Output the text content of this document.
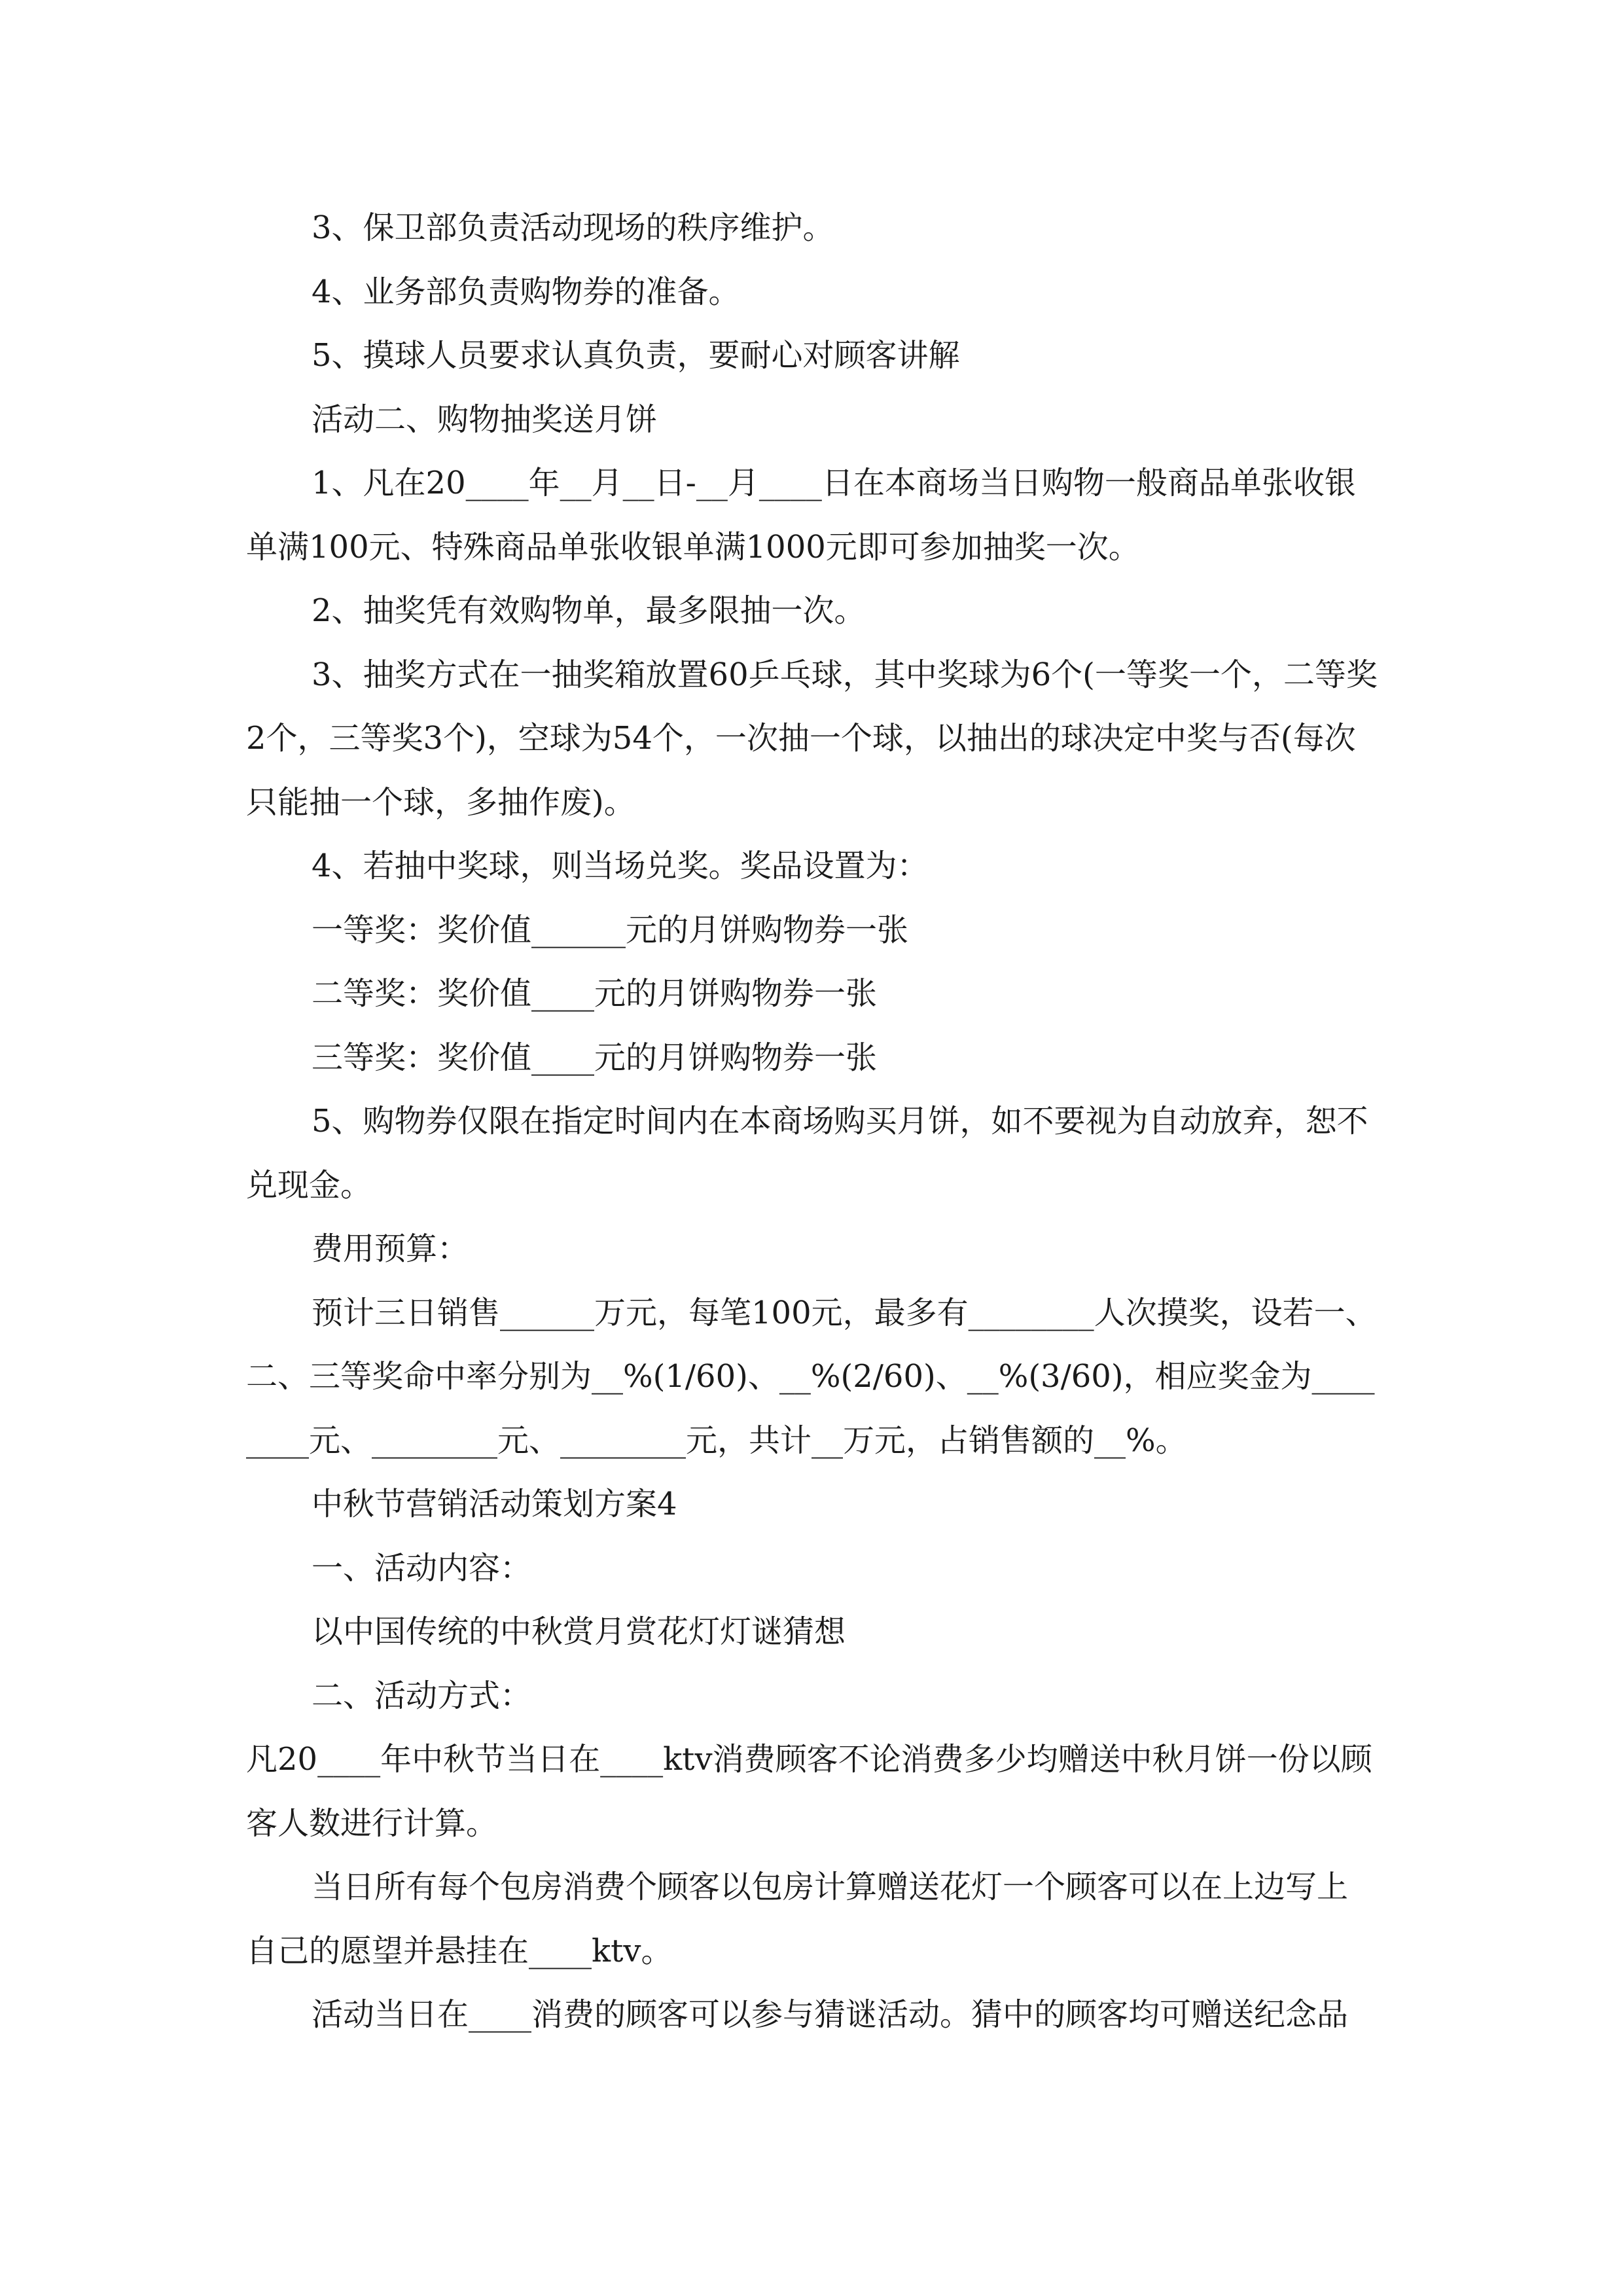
3、保卫部负责活动现场的秩序维护。

4、业务部负责购物券的准备。

5、摸球人员要求认真负责，要耐心对顾客讲解

活动二、购物抽奖送月饼

1、凡在20____年__月__日-__月____日在本商场当日购物一般商品单张收银单满100元、特殊商品单张收银单满1000元即可参加抽奖一次。

2、抽奖凭有效购物单，最多限抽一次。

3、抽奖方式在一抽奖箱放置60乒乓球，其中奖球为6个(一等奖一个，二等奖2个，三等奖3个)，空球为54个，一次抽一个球，以抽出的球决定中奖与否(每次只能抽一个球，多抽作废)。

4、若抽中奖球，则当场兑奖。奖品设置为：

一等奖：奖价值______元的月饼购物券一张

二等奖：奖价值____元的月饼购物券一张

三等奖：奖价值____元的月饼购物券一张

5、购物券仅限在指定时间内在本商场购买月饼，如不要视为自动放弃，恕不兑现金。

费用预算：

预计三日销售______万元，每笔100元，最多有________人次摸奖，设若一、二、三等奖命中率分别为__%(1/60)、__%(2/60)、__%(3/60)，相应奖金为________元、________元、________元，共计__万元，占销售额的__%。

中秋节营销活动策划方案4

一、活动内容：

以中国传统的中秋赏月赏花灯灯谜猜想

二、活动方式：

凡20____年中秋节当日在____ktv消费顾客不论消费多少均赠送中秋月饼一份以顾客人数进行计算。

当日所有每个包房消费个顾客以包房计算赠送花灯一个顾客可以在上边写上自己的愿望并悬挂在____ktv。

活动当日在____消费的顾客可以参与猜谜活动。猜中的顾客均可赠送纪念品
